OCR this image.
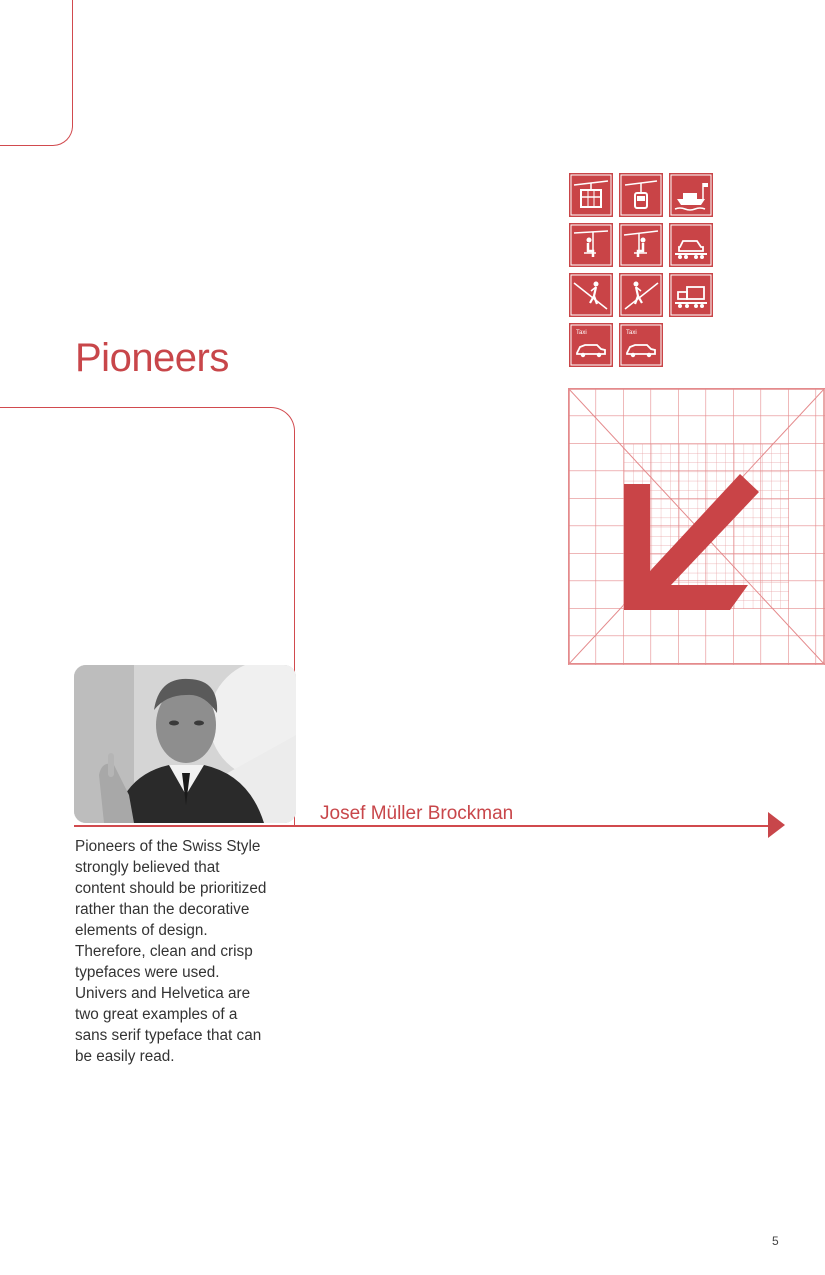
Pioneers
Taxi	Taxi

Josef Müller Brockman

Pioneers of the Swiss Style strongly believed that content should be prioritized rather than the decorative elements of design. Therefore, clean and crisp typefaces were used. Univers and Helvetica are two great examples of a sans serif typeface that can be easily read.

5
